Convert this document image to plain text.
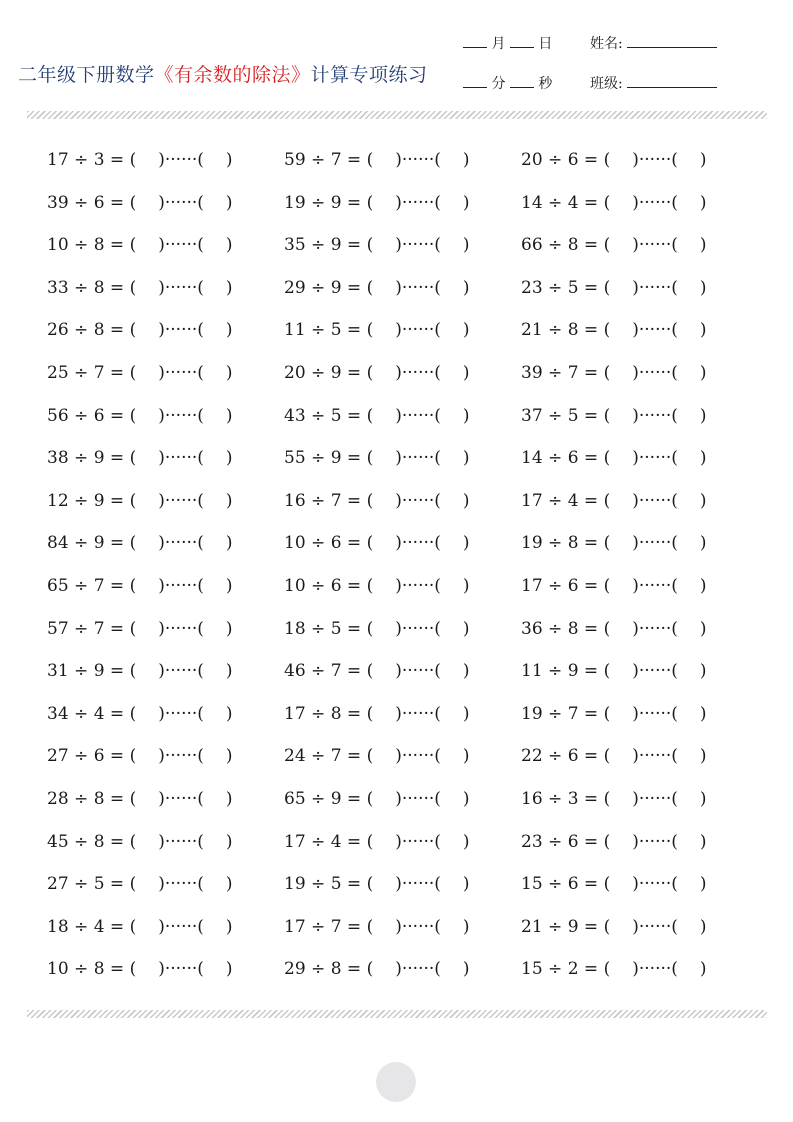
二年级下册数学《有余数的除法》计算专项练习
月 日
分 秒
姓名:
班级:
17 ÷ 3 = ( )······( )	59 ÷ 7 = ( )······( )	20 ÷ 6 = ( )······( )
39 ÷ 6 = ( )······( )	19 ÷ 9 = ( )······( )	14 ÷ 4 = ( )······( )
10 ÷ 8 = ( )······( )	35 ÷ 9 = ( )······( )	66 ÷ 8 = ( )······( )
33 ÷ 8 = ( )······( )	29 ÷ 9 = ( )······( )	23 ÷ 5 = ( )······( )
26 ÷ 8 = ( )······( )	11 ÷ 5 = ( )······( )	21 ÷ 8 = ( )······( )
25 ÷ 7 = ( )······( )	20 ÷ 9 = ( )······( )	39 ÷ 7 = ( )······( )
56 ÷ 6 = ( )······( )	43 ÷ 5 = ( )······( )	37 ÷ 5 = ( )······( )
38 ÷ 9 = ( )······( )	55 ÷ 9 = ( )······( )	14 ÷ 6 = ( )······( )
12 ÷ 9 = ( )······( )	16 ÷ 7 = ( )······( )	17 ÷ 4 = ( )······( )
84 ÷ 9 = ( )······( )	10 ÷ 6 = ( )······( )	19 ÷ 8 = ( )······( )
65 ÷ 7 = ( )······( )	10 ÷ 6 = ( )······( )	17 ÷ 6 = ( )······( )
57 ÷ 7 = ( )······( )	18 ÷ 5 = ( )······( )	36 ÷ 8 = ( )······( )
31 ÷ 9 = ( )······( )	46 ÷ 7 = ( )······( )	11 ÷ 9 = ( )······( )
34 ÷ 4 = ( )······( )	17 ÷ 8 = ( )······( )	19 ÷ 7 = ( )······( )
27 ÷ 6 = ( )······( )	24 ÷ 7 = ( )······( )	22 ÷ 6 = ( )······( )
28 ÷ 8 = ( )······( )	65 ÷ 9 = ( )······( )	16 ÷ 3 = ( )······( )
45 ÷ 8 = ( )······( )	17 ÷ 4 = ( )······( )	23 ÷ 6 = ( )······( )
27 ÷ 5 = ( )······( )	19 ÷ 5 = ( )······( )	15 ÷ 6 = ( )······( )
18 ÷ 4 = ( )······( )	17 ÷ 7 = ( )······( )	21 ÷ 9 = ( )······( )
10 ÷ 8 = ( )······( )	29 ÷ 8 = ( )······( )	15 ÷ 2 = ( )······( )
